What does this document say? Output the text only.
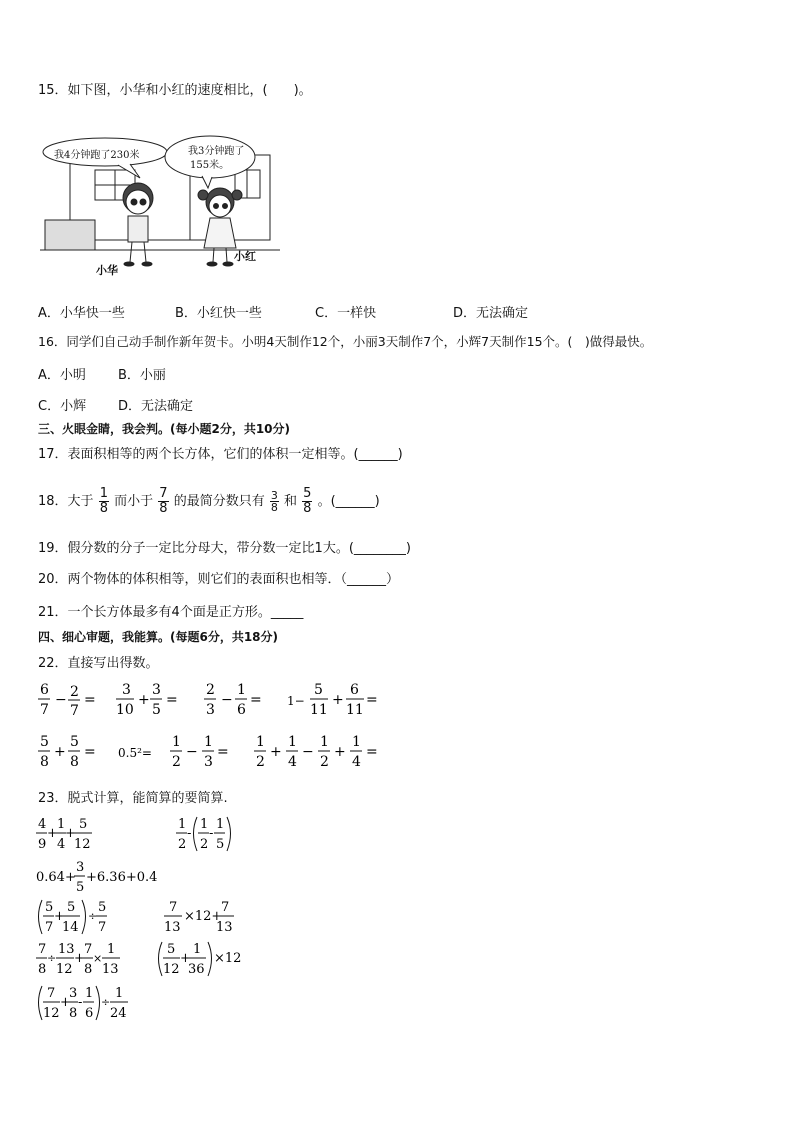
15．如下图，小华和小红的速度相比，(　　)。
我4分钟跑了230米	我3分钟跑了
155米。
小华
小红
A．小华快一些	B．小红快一些	C．一样快	D．无法确定
16．同学们自己动手制作新年贺卡。小明4天制作12个，小丽3天制作7个，小辉7天制作15个。(　)做得最快。
A．小明 B．小丽
C．小辉 D．无法确定
三、火眼金睛，我会判。(每小题2分，共10分)
17．表面积相等的两个长方体，它们的体积一定相等。(______)
18．大于 $\frac{1}{8}$ 而小于 $\frac{7}{8}$ 的最简分数只有 $\frac{3}{8}$ 和 $\frac{5}{8}$ 。(______)
19．假分数的分子一定比分母大，带分数一定比1大。(________)
20．两个物体的体积相等，则它们的表面积也相等．（______）
21．一个长方体最多有4个面是正方形。_____
四、细心审题，我能算。(每题6分，共18分)
22．直接写出得数。
6
7
− 2
7
=
3
10
+
3
5
=
2
3
−
1
6
= 1−
5
11
+
6
11
=
5
8
+
5
8
= 0.5²=
1
2
−
1
3
=
1
2
+
1
4
−
1
2
+
1
4
=
23．脱式计算，能简算的要简算.
4
9
+
1
4
+
5
12
1
2
-
1
2
-
1
5
0.64+
3
5
+6.36+0.4
5
7
+
5
14
÷
5
7
7
13
×12+
7
13
7
8
÷
13
12
+
7
8
×
1
13
5
12
+
1
36
×12
7
12
+
3
8
-
1
6
÷
1
24
